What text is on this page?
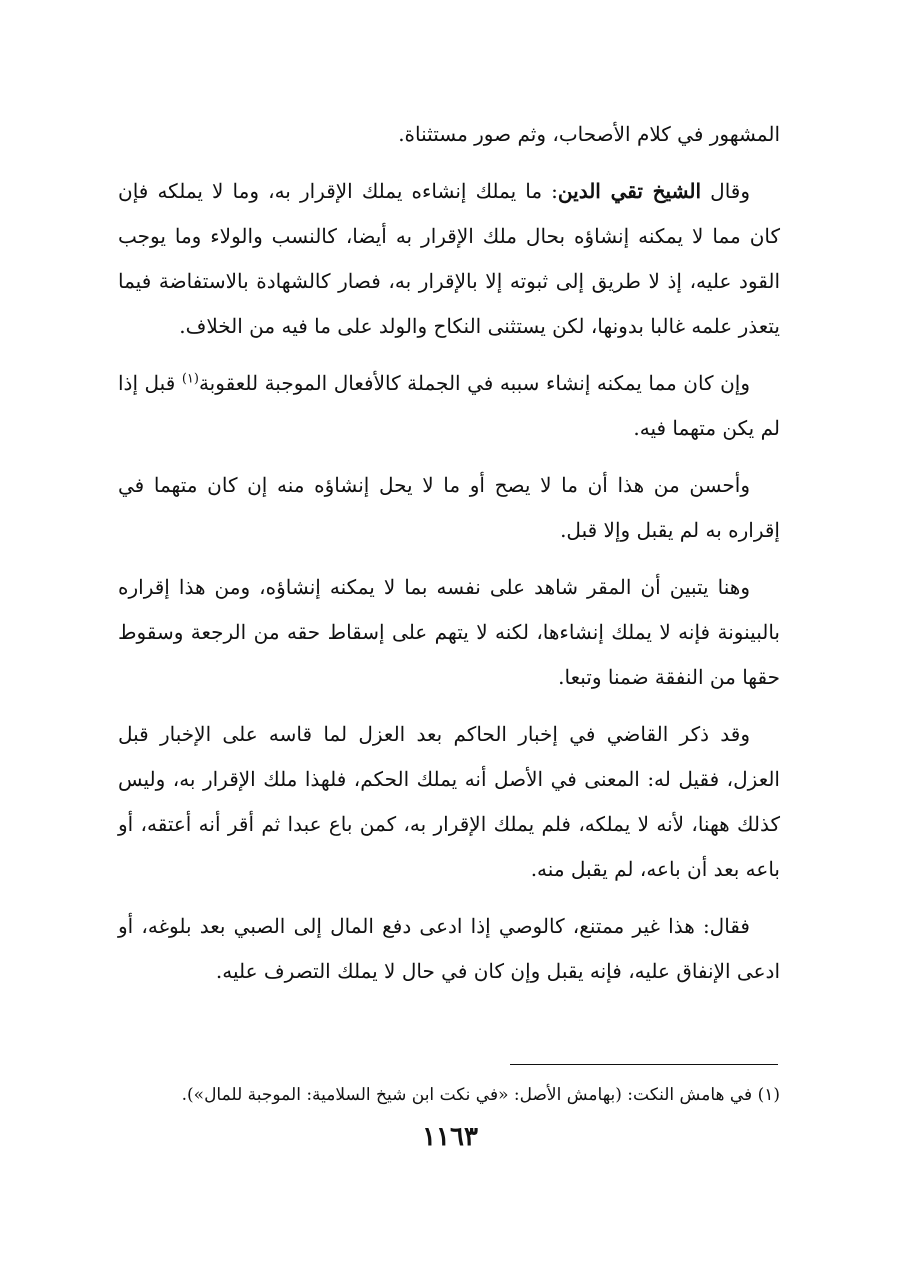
المشهور في كلام الأصحاب، وثم صور مستثناة.

وقال الشيخ تقي الدين: ما يملك إنشاءه يملك الإقرار به، وما لا يملكه فإن كان مما لا يمكنه إنشاؤه بحال ملك الإقرار به أيضا، كالنسب والولاء وما يوجب القود عليه، إذ لا طريق إلى ثبوته إلا بالإقرار به، فصار كالشهادة بالاستفاضة فيما يتعذر علمه غالبا بدونها، لكن يستثنى النكاح والولد على ما فيه من الخلاف.

وإن كان مما يمكنه إنشاء سببه في الجملة كالأفعال الموجبة للعقوبة$^{(١)}$ قبل إذا لم يكن متهما فيه.

وأحسن من هذا أن ما لا يصح أو ما لا يحل إنشاؤه منه إن كان متهما في إقراره به لم يقبل وإلا قبل.

وهنا يتبين أن المقر شاهد على نفسه بما لا يمكنه إنشاؤه، ومن هذا إقراره بالبينونة فإنه لا يملك إنشاءها، لكنه لا يتهم على إسقاط حقه من الرجعة وسقوط حقها من النفقة ضمنا وتبعا.

وقد ذكر القاضي في إخبار الحاكم بعد العزل لما قاسه على الإخبار قبل العزل، فقيل له: المعنى في الأصل أنه يملك الحكم، فلهذا ملك الإقرار به، وليس كذلك ههنا، لأنه لا يملكه، فلم يملك الإقرار به، كمن باع عبدا ثم أقر أنه أعتقه، أو باعه بعد أن باعه، لم يقبل منه.

فقال: هذا غير ممتنع، كالوصي إذا ادعى دفع المال إلى الصبي بعد بلوغه، أو ادعى الإنفاق عليه، فإنه يقبل وإن كان في حال لا يملك التصرف عليه.

(١) في هامش النكت: (بهامش الأصل: «في نكت ابن شيخ السلامية: الموجبة للمال»).
١١٦٣
